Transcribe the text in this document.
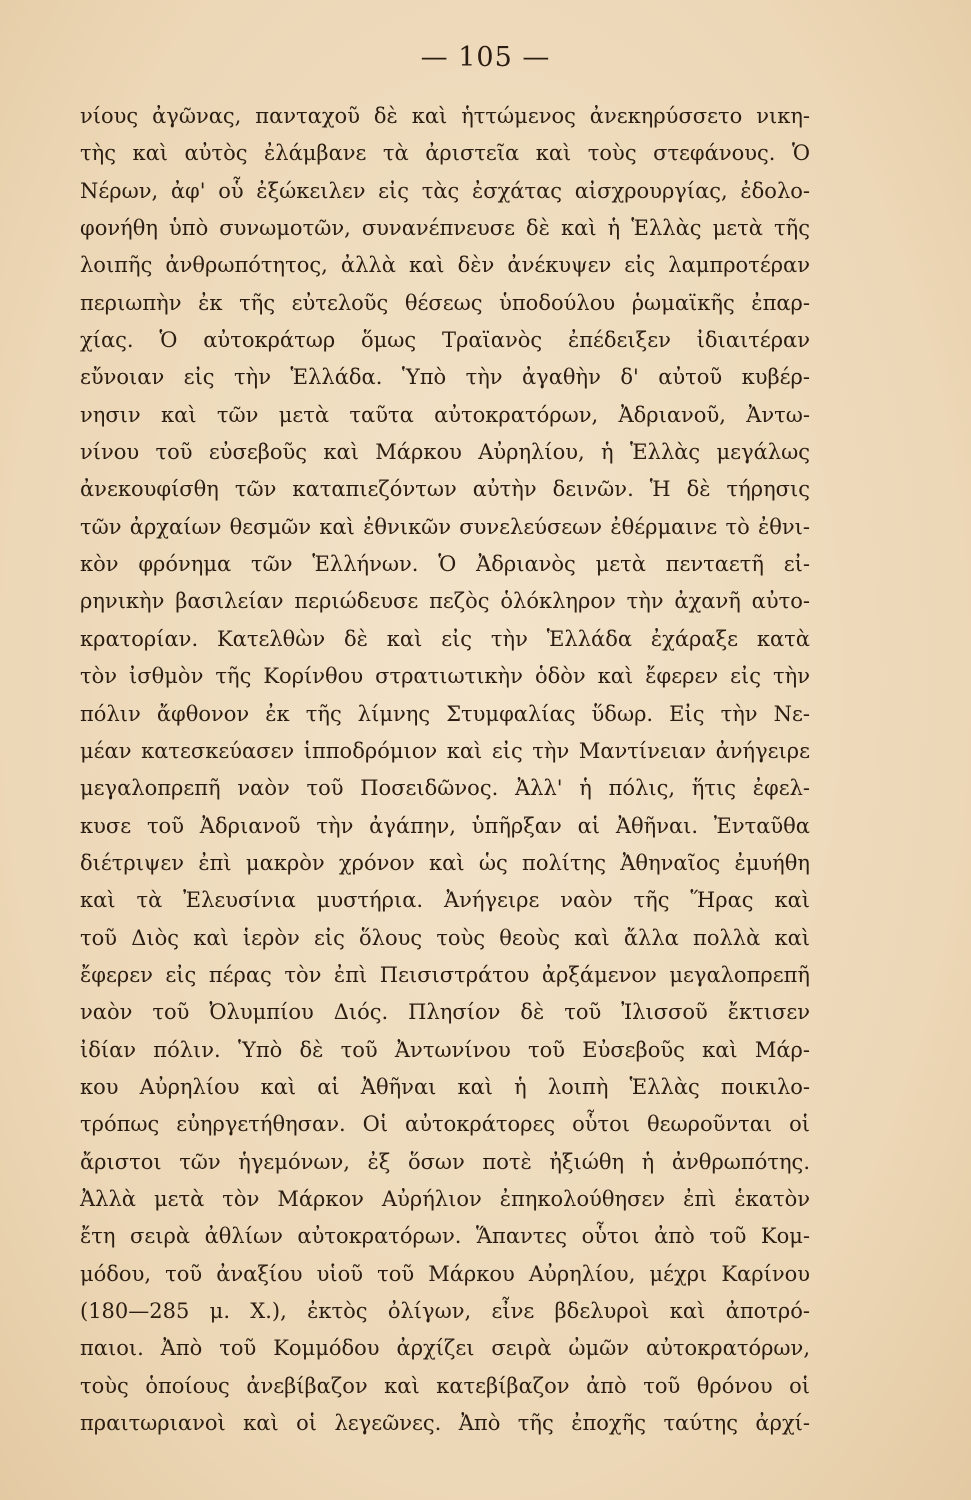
— 105 —
νίους ἀγῶνας, πανταχοῦ δὲ καὶ ἡττώμενος ἀνεκηρύσσετο νικη-
τὴς καὶ αὐτὸς ἐλάμβανε τὰ ἀριστεῖα καὶ τοὺς στεφάνους. Ὁ
Νέρων, ἀφ' οὗ ἐξώκειλεν εἰς τὰς ἐσχάτας αἰσχρουργίας, ἐδολο-
φονήθη ὑπὸ συνωμοτῶν, συνανέπνευσε δὲ καὶ ἡ Ἑλλὰς μετὰ τῆς
λοιπῆς ἀνθρωπότητος, ἀλλὰ καὶ δὲν ἀνέκυψεν εἰς λαμπροτέραν
περιωπὴν ἐκ τῆς εὐτελοῦς θέσεως ὑποδούλου ῥωμαϊκῆς ἐπαρ-
χίας. Ὁ αὐτοκράτωρ ὅμως Τραϊανὸς ἐπέδειξεν ἰδιαιτέραν
εὔνοιαν εἰς τὴν Ἑλλάδα. Ὑπὸ τὴν ἀγαθὴν δ' αὐτοῦ κυβέρ-
νησιν καὶ τῶν μετὰ ταῦτα αὐτοκρατόρων, Ἀδριανοῦ, Ἀντω-
νίνου τοῦ εὐσεβοῦς καὶ Μάρκου Αὐρηλίου, ἡ Ἑλλὰς μεγάλως
ἀνεκουφίσθη τῶν καταπιεζόντων αὐτὴν δεινῶν. Ἡ δὲ τήρησις
τῶν ἀρχαίων θεσμῶν καὶ ἐθνικῶν συνελεύσεων ἐθέρμαινε τὸ ἐθνι-
κὸν φρόνημα τῶν Ἑλλήνων. Ὁ Ἀδριανὸς μετὰ πενταετῆ εἰ-
ρηνικὴν βασιλείαν περιώδευσε πεζὸς ὁλόκληρον τὴν ἀχανῆ αὐτο-
κρατορίαν. Κατελθὼν δὲ καὶ εἰς τὴν Ἑλλάδα ἐχάραξε κατὰ
τὸν ἰσθμὸν τῆς Κορίνθου στρατιωτικὴν ὁδὸν καὶ ἔφερεν εἰς τὴν
πόλιν ἄφθονον ἐκ τῆς λίμνης Στυμφαλίας ὕδωρ. Εἰς τὴν Νε-
μέαν κατεσκεύασεν ἱπποδρόμιον καὶ εἰς τὴν Μαντίνειαν ἀνήγειρε
μεγαλοπρεπῆ ναὸν τοῦ Ποσειδῶνος. Ἀλλ' ἡ πόλις, ἥτις ἐφελ-
κυσε τοῦ Ἀδριανοῦ τὴν ἀγάπην, ὑπῆρξαν αἱ Ἀθῆναι. Ἐνταῦθα
διέτριψεν ἐπὶ μακρὸν χρόνον καὶ ὡς πολίτης Ἀθηναῖος ἐμυήθη
καὶ τὰ Ἐλευσίνια μυστήρια. Ἀνήγειρε ναὸν τῆς Ἥρας καὶ
τοῦ Διὸς καὶ ἱερὸν εἰς ὅλους τοὺς θεοὺς καὶ ἄλλα πολλὰ καὶ
ἔφερεν εἰς πέρας τὸν ἐπὶ Πεισιστράτου ἀρξάμενον μεγαλοπρεπῆ
ναὸν τοῦ Ὀλυμπίου Διός. Πλησίον δὲ τοῦ Ἰλισσοῦ ἔκτισεν
ἰδίαν πόλιν. Ὑπὸ δὲ τοῦ Ἀντωνίνου τοῦ Εὐσεβοῦς καὶ Μάρ-
κου Αὐρηλίου καὶ αἱ Ἀθῆναι καὶ ἡ λοιπὴ Ἑλλὰς ποικιλο-
τρόπως εὐηργετήθησαν. Οἱ αὐτοκράτορες οὗτοι θεωροῦνται οἱ
ἄριστοι τῶν ἡγεμόνων, ἐξ ὅσων ποτὲ ἠξιώθη ἡ ἀνθρωπότης.
Ἀλλὰ μετὰ τὸν Μάρκον Αὐρήλιον ἐπηκολούθησεν ἐπὶ ἑκατὸν
ἔτη σειρὰ ἀθλίων αὐτοκρατόρων. Ἅπαντες οὗτοι ἀπὸ τοῦ Κομ-
μόδου, τοῦ ἀναξίου υἱοῦ τοῦ Μάρκου Αὐρηλίου, μέχρι Καρίνου
(180—285 μ. Χ.), ἐκτὸς ὀλίγων, εἶνε βδελυροὶ καὶ ἀποτρό-
παιοι. Ἀπὸ τοῦ Κομμόδου ἀρχίζει σειρὰ ὠμῶν αὐτοκρατόρων,
τοὺς ὁποίους ἀνεβίβαζον καὶ κατεβίβαζον ἀπὸ τοῦ θρόνου οἱ
πραιτωριανοὶ καὶ οἱ λεγεῶνες. Ἀπὸ τῆς ἐποχῆς ταύτης ἀρχί-
